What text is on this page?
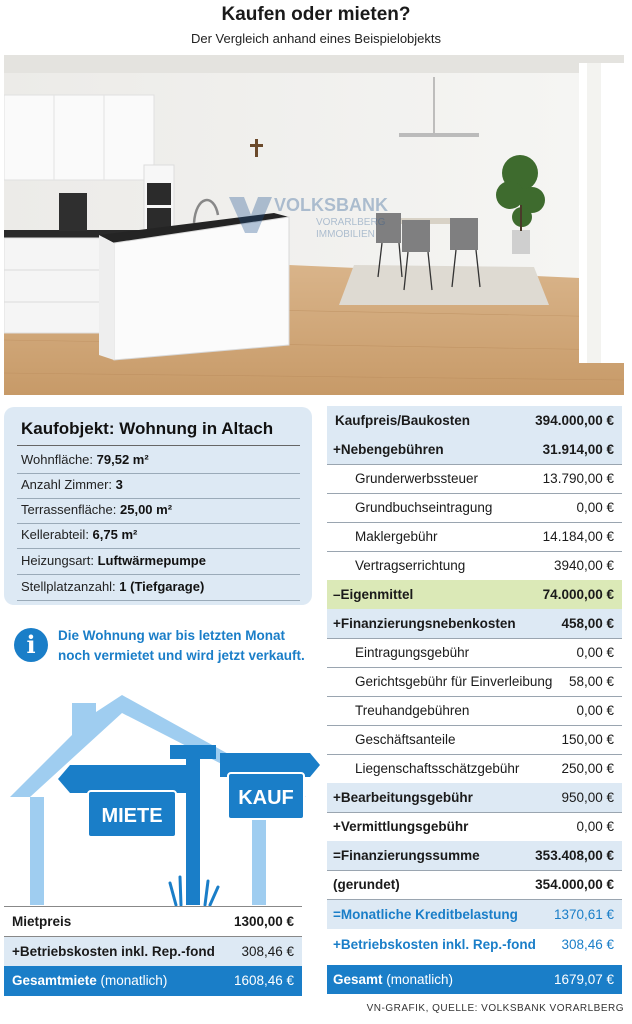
Kaufen oder mieten?
Der Vergleich anhand eines Beispielobjekts
VOLKSBANK
VORARLBERG
IMMOBILIEN
Kaufobjekt: Wohnung in Altach
Wohnfläche: 79,52 m²
Anzahl Zimmer: 3
Terrassenfläche: 25,00 m²
Kellerabteil: 6,75 m²
Heizungsart: Luftwärmepumpe
Stellplatzanzahl: 1 (Tiefgarage)
i	Die Wohnung war bis letzten Monat noch vermietet und wird jetzt verkauft.
MIETE
KAUF
Mietpreis	1300,00 €
+Betriebskosten inkl. Rep.-fond 308,46 €
Gesamtmiete (monatlich)	1608,46 €
Kaufpreis/Baukosten	394.000,00 €
+Nebengebühren	31.914,00 €
Grunderwerbssteuer	13.790,00 €
Grundbuchseintragung	0,00 €
Maklergebühr	14.184,00 €
Vertragserrichtung	3940,00 €
–Eigenmittel	74.000,00 €
+Finanzierungsnebenkosten	458,00 €
Eintragungsgebühr	0,00 €
Gerichtsgebühr für Einverleibung 58,00 €
Treuhandgebühren	0,00 €
Geschäftsanteile	150,00 €
Liegenschaftsschätzgebühr	250,00 €
+Bearbeitungsgebühr	950,00 €
+Vermittlungsgebühr	0,00 €
=Finanzierungssumme	353.408,00 €
(gerundet)	354.000,00 €
=Monatliche Kreditbelastung	1370,61 €
+Betriebskosten inkl. Rep.-fond 308,46 €
Gesamt (monatlich)	1679,07 €
VN-GRAFIK, QUELLE: VOLKSBANK VORARLBERG
